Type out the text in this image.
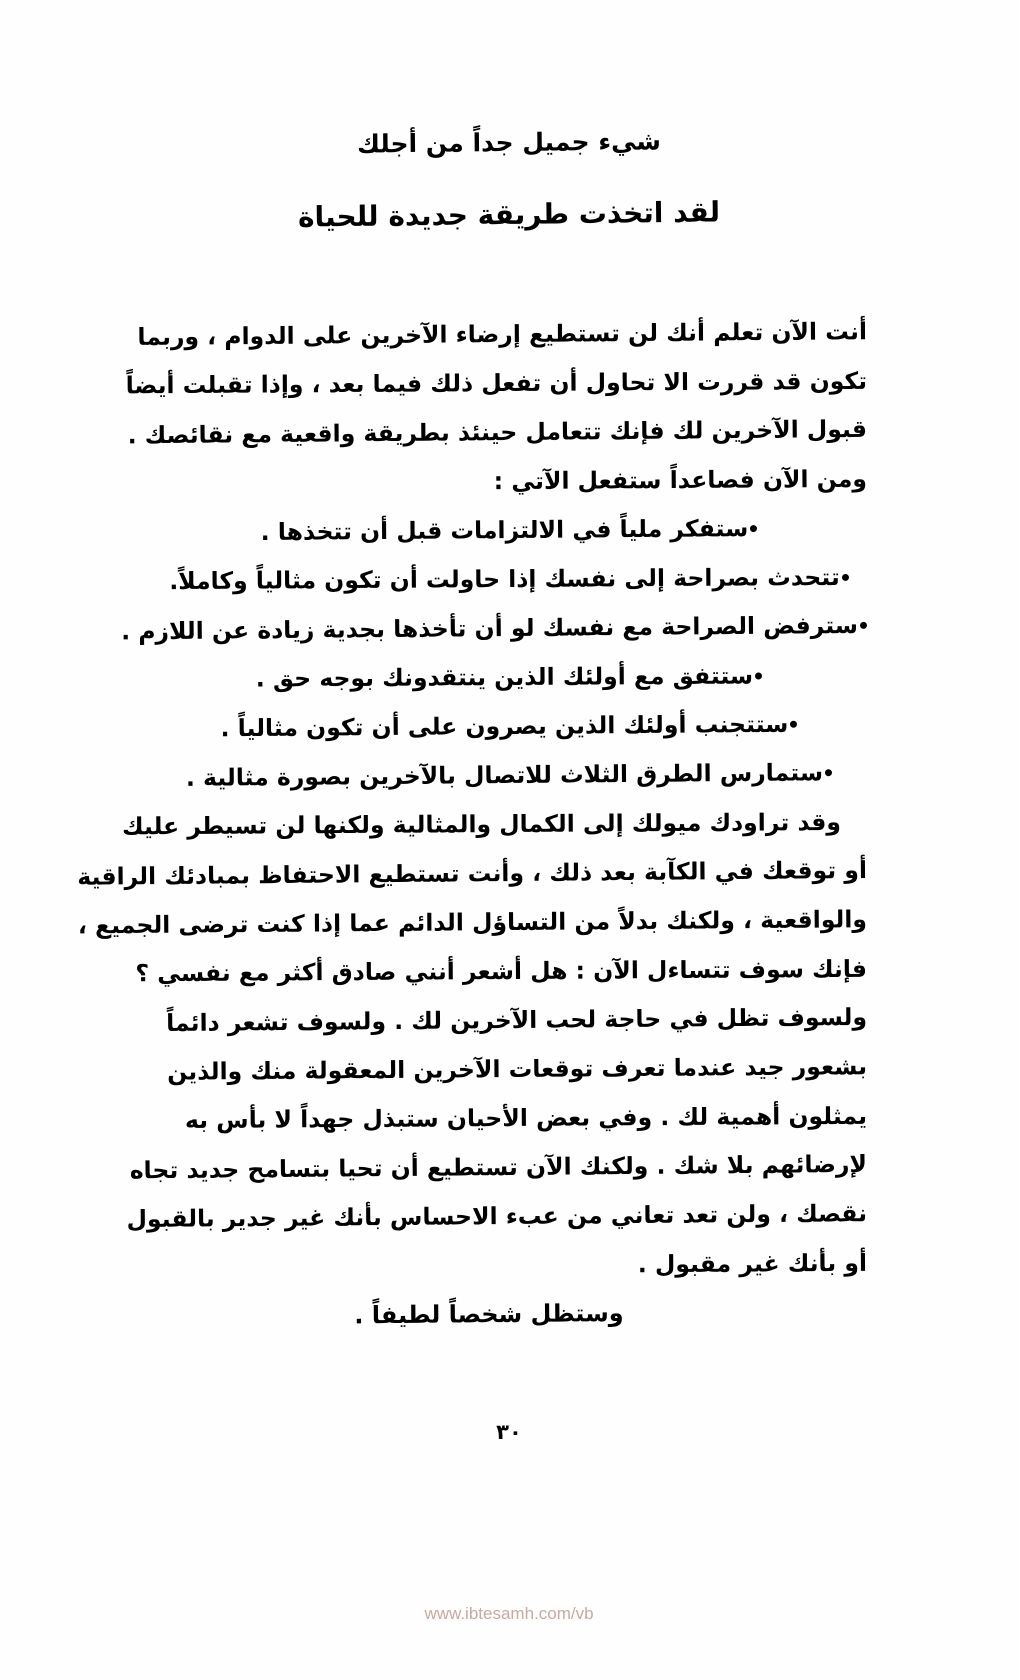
شيء جميل جداً من أجلك
لقد اتخذت طريقة جديدة للحياة
أنت الآن تعلم أنك لن تستطيع إرضاء الآخرين على الدوام ، وربما
تكون قد قررت الا تحاول أن تفعل ذلك فيما بعد ، وإذا تقبلت أيضاً
قبول الآخرين لك فإنك تتعامل حينئذ بطريقة واقعية مع نقائصك .
ومن الآن فصاعداً ستفعل الآتي :
ستفكر ملياً في الالتزامات قبل أن تتخذها .
تتحدث بصراحة إلى نفسك إذا حاولت أن تكون مثالياً وكاملاً.
سترفض الصراحة مع نفسك لو أن تأخذها بجدية زيادة عن اللازم .
ستتفق مع أولئك الذين ينتقدونك بوجه حق .
ستتجنب أولئك الذين يصرون على أن تكون مثالياً .
ستمارس الطرق الثلاث للاتصال بالآخرين بصورة مثالية .
وقد تراودك ميولك إلى الكمال والمثالية ولكنها لن تسيطر عليك
أو توقعك في الكآبة بعد ذلك ، وأنت تستطيع الاحتفاظ بمبادئك الراقية
والواقعية ، ولكنك بدلاً من التساؤل الدائم عما إذا كنت ترضى الجميع ،
فإنك سوف تتساءل الآن : هل أشعر أنني صادق أكثر مع نفسي ؟
ولسوف تظل في حاجة لحب الآخرين لك . ولسوف تشعر دائماً
بشعور جيد عندما تعرف توقعات الآخرين المعقولة منك والذين
يمثلون أهمية لك . وفي بعض الأحيان ستبذل جهداً لا بأس به
لإرضائهم بلا شك . ولكنك الآن تستطيع أن تحيا بتسامح جديد تجاه
نقصك ، ولن تعد تعاني من عبء الاحساس بأنك غير جدير بالقبول
أو بأنك غير مقبول .
وستظل شخصاً لطيفاً .
٣٠
www.ibtesamh.com/vb
